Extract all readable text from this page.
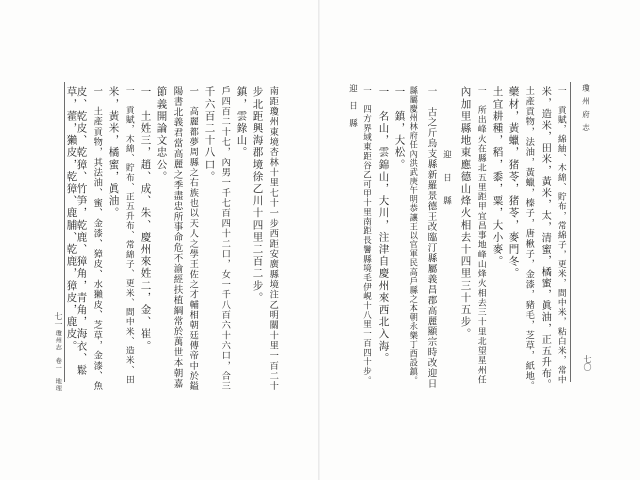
南距瓊州東境杏林十里七十一步西距安廣縣境注乙明關十里一百二十
步北距興海郡境徐乙川十四里二百二步。
鎮，雲錄山。
戶四百二十七，內男一千七百四十二口，女一千八百六十六口，合三
千六百二十八口。
一　高麗都夢周縣之右族也以天人之學王佐之才輔相朝廷傳帝中於鎰
陽書北義君當高麗之季盡忠所事命危不渝經扶植綱常於萬世本朝嘉
節義開論文忠公。
一　土姓三，趙、成、朱、慶州來姓二，金、崔。
一　貢賦，木綿、貯布、正五升布、常綿子、更米、間中米、造米、田
米，黃米，橘蜜，眞油。
一　土產貢物，其法油、蜜、金漆、獐皮、水獺皮、芝草，金漆、魚
皮、乾皮、乾獐、竹笋，乾鹿、獐角，青角，海衣、鬆
草，藿，獺皮，乾獐、鹿脯、乾鹿，獐皮，鹿皮。
瓊州志　卷一　地理
七一
瓊 州 府 志
七〇
一　貢賦，綿紬、木綿、貯布，常綿子，更米，間中米，粘白米，常中
米，造米，田米，黃米，太，清蜜，橘蜜，眞油，正五升布。
土產貢物，法油，黃蠟，榛子，唐楸子，金漆，豬毛，芝草，紙地。
藥材，黃蠟，猪苓，猪苓，麥門冬。
土宜耕種，稻，黍，粟，大小麥。
一　所出峰火在縣北五里距甲宜昌事地峰山烽火相去三十里北望星州任
內加里縣地東應德山烽火相去十四里三十五步。
迎　日　縣
一　古之斤烏支縣新羅景德王改臨汀縣屬義昌郡高麗顯宗時改迎日
縣屬慶州林府任內洪武庚午明恭讓王以官軍民高戶縣之本朝永樂丁酉設鎮。
一　鎮，大松。
一　名山，雲錦山，大川，注津自慶州來西北入海。
一　四方界域東距谷乙可甲十里南距長鬐縣境毛伊峴十八里一百四十步。
迎 日 縣
